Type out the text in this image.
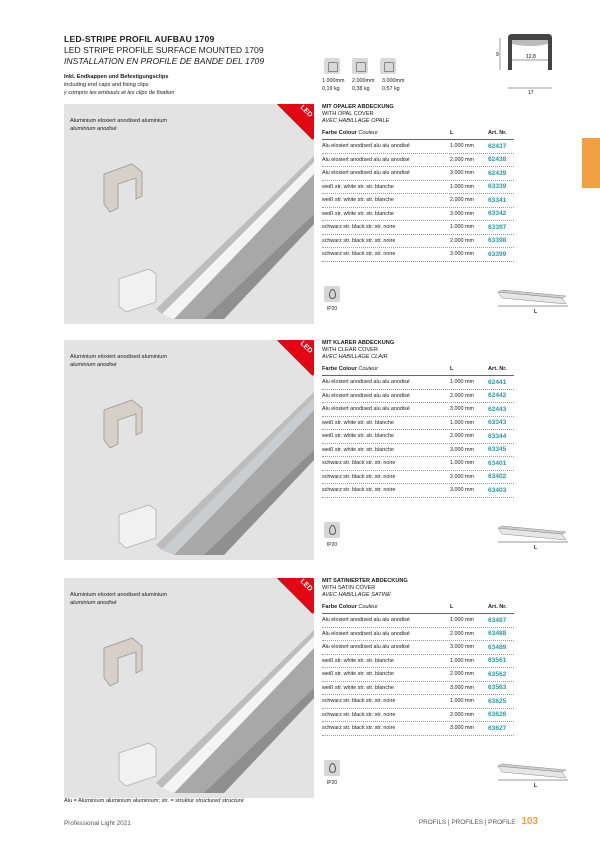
LED-STRIPE PROFIL AUFBAU 1709
LED STRIPE PROFILE SURFACE MOUNTED 1709
INSTALLATION EN PROFILE DE BANDE DEL 1709
Inkl. Endkappen und Befestigungsclips
including end caps and fixing clips
y compris les embouts et les clips de fixation
1.000mm	2.000mm	3.000mm
0,19 kg	0,38 kg	0,57 kg
9	12,8
17
Aluminium eloxiert anodised aluminium
aluminium anodisé
LED MIT OPALER ABDECKUNG
WITH OPAL COVER
AVEC HABILLAGE OPALE
Farbe Colour Couleur	L	Art. Nr.
Alu eloxiert anodised alu alu anodisé	1.000 mm	62437
Alu eloxiert anodised alu alu anodisé	2.000 mm	62438
Alu eloxiert anodised alu alu anodisé	3.000 mm	62439
weiß str. white str. str. blanche	1.000 mm	63339
weiß str. white str. str. blanche	2.000 mm	63341
weiß str. white str. str. blanche	3.000 mm	63342
schwarz str. black str. str. noire	1.000 mm	63397
schwarz str. black str. str. noire	2.000 mm	63398
schwarz str. black str. str. noire	3.000 mm	63399
IP20	L
Aluminium eloxiert anodised aluminium
aluminium anodisé
LED MIT KLARER ABDECKUNG
WITH CLEAR COVER
AVEC HABILLAGE CLAIR
Farbe Colour Couleur	L	Art. Nr.
Alu eloxiert anodised alu alu anodisé	1.000 mm	62441
Alu eloxiert anodised alu alu anodisé	2.000 mm	62442
Alu eloxiert anodised alu alu anodisé	3.000 mm	62443
weiß str. white str. str. blanche	1.000 mm	63343
weiß str. white str. str. blanche	2.000 mm	63344
weiß str. white str. str. blanche	3.000 mm	63345
schwarz str. black str. str. noire	1.000 mm	63401
schwarz str. black str. str. noire	2.000 mm	63402
schwarz str. black str. str. noire	3.000 mm	63403
IP20	L
Aluminium eloxiert anodised aluminium
aluminium anodisé
LED MIT SATINIERTER ABDECKUNG
WITH SATIN COVER
AVEC HABILLAGE SATINÉ
Farbe Colour Couleur	L	Art. Nr.
Alu eloxiert anodised alu alu anodisé	1.000 mm	63487
Alu eloxiert anodised alu alu anodisé	2.000 mm	63488
Alu eloxiert anodised alu alu anodisé	3.000 mm	63489
weiß str. white str. str. blanche	1.000 mm	63561
weiß str. white str. str. blanche	2.000 mm	63562
weiß str. white str. str. blanche	3.000 mm	63563
schwarz str. black str. str. noire	1.000 mm	63625
schwarz str. black str. str. noire	2.000 mm	63626
schwarz str. black str. str. noire	3.000 mm	63627
IP20	L
Alu = Aluminium aluminium aluminium; str. = struktur structured structuré
Professional Light 2021	PROFILS | PROFILES | PROFILE 103
